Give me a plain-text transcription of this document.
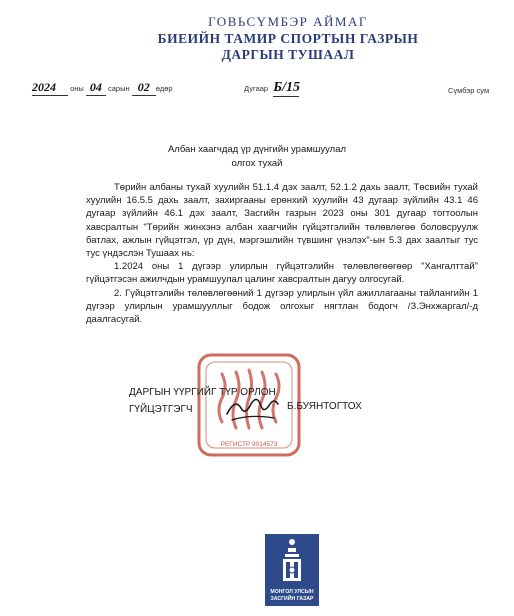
ГОВЬСҮМБЭР АЙМАГ
БИЕИЙН ТАМИР СПОРТЫН ГАЗРЫН
ДАРГЫН ТУШААЛ
2024 оны 04 сарын 02 өдөр	Дугаар Б/15	Сүмбэр сум
Албан хаагчдад үр дүнгийн урамшуулал
олгох тухай

Төрийн албаны тухай хуулийн 51.1.4 дэх заалт, 52.1.2 дахь заалт, Төсвийн тухай хуулийн 16.5.5 дахь заалт, захиргааны ерөнхий хуулийн 43 дугаар зүйлийн 43.1 46 дугаар зүйлийн 46.1 дэх заалт, Засгийн газрын 2023 оны 301 дугаар тогтоолын хавсралтын "Төрийн жинхэнэ албан хаагчийн гүйцэтгэлийн төлөвлөгөө боловсруулж батлах, ажлын гүйцэтгэл, үр дүн, мэргэшлийн түвшинг үнэлэх"-ын 5.3 дах заалтыг тус тус үндэслэн Тушаах нь:

1.2024 оны 1 дүгээр улирлын гүйцэтгэлийн төлөвлөгөөгөөр "Хангалттай" гүйцэтгэсэн ажилчдын урамшуулал цалинг хавсралтын дагуу олгосугай.

2. Гүйцэтгэлийн төлөвлөгөөний 1 дүгээр улирлын үйл ажиллагааны тайлангийн 1 дүгээр улирлын урамшууллыг бодож олгохыг нягтлан бодогч /З.Энхжаргал/-д даалгасугай.

РЕГИСТР 9014573
ДАРГЫН ҮҮРГИЙГ ТҮР ОРЛОН
ГҮЙЦЭТГЭГЧ	Б.БУЯНТОГТОХ
МОНГОЛ УЛСЫН
ЗАСГИЙН ГАЗАР
